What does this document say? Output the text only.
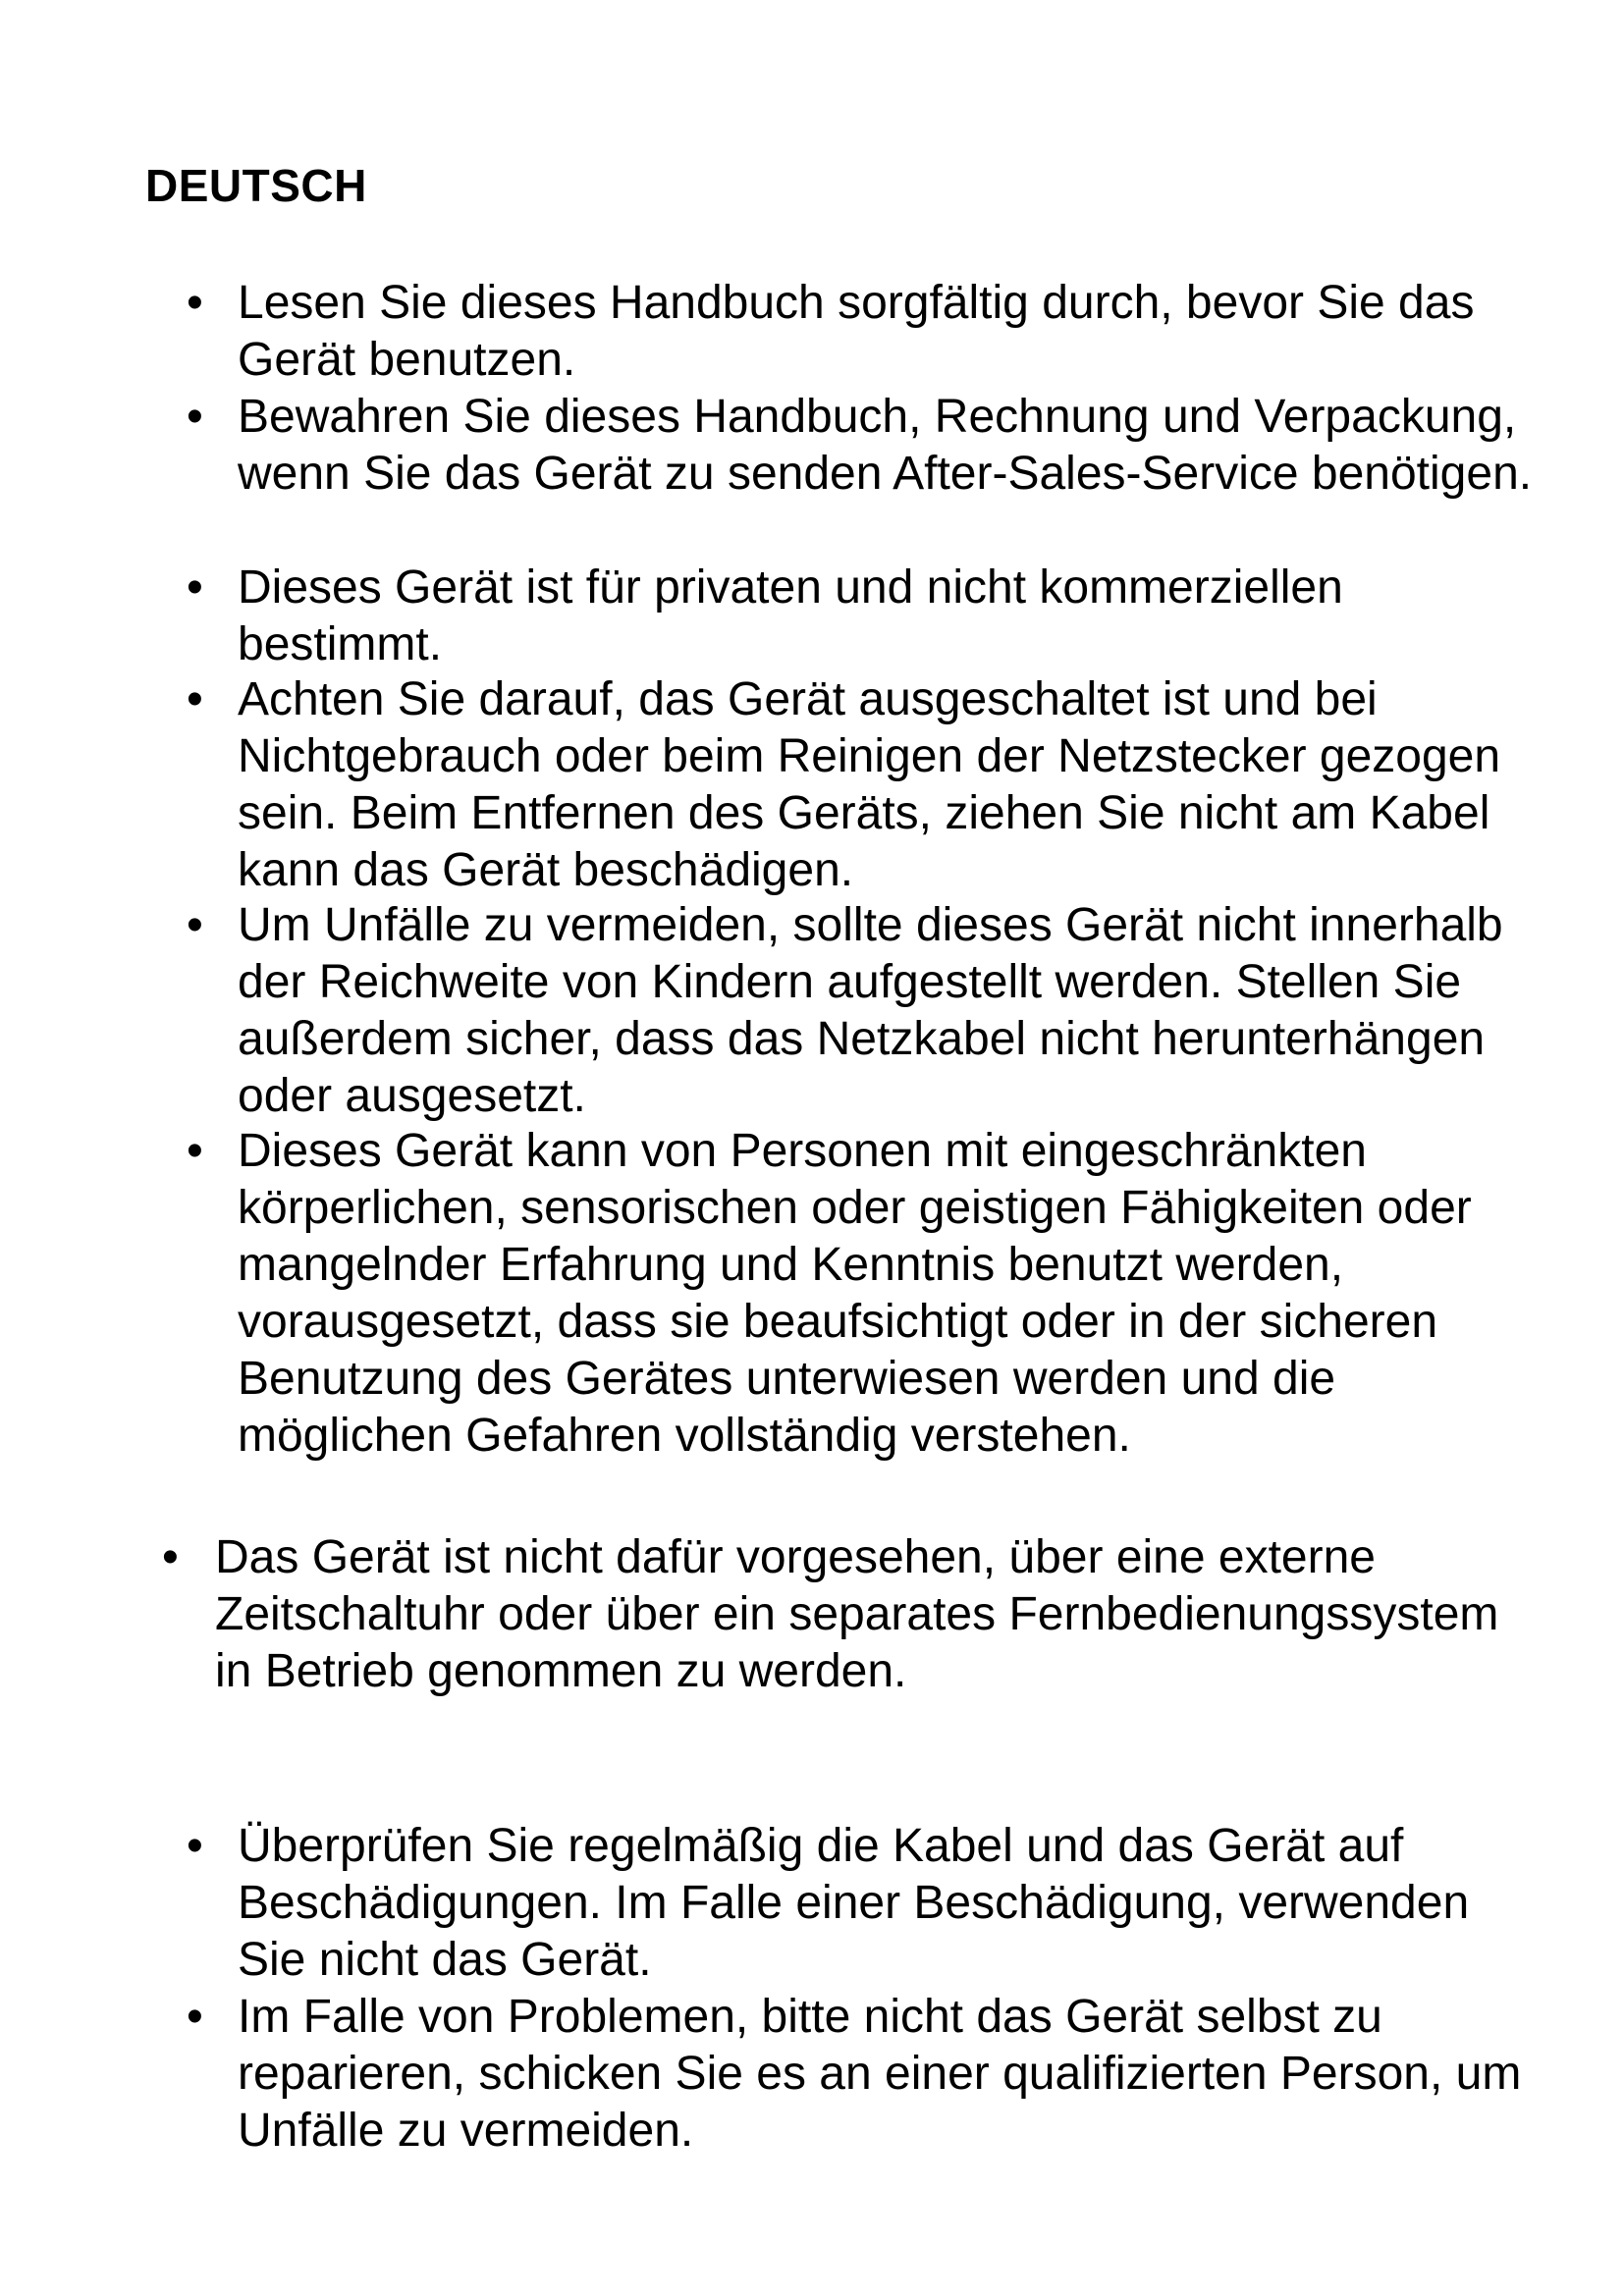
DEUTSCH

• Lesen Sie dieses Handbuch sorgfältig durch, bevor Sie das Gerät benutzen.

• Bewahren Sie dieses Handbuch, Rechnung und Verpackung, wenn Sie das Gerät zu senden After-Sales-Service benötigen.

• Dieses Gerät ist für privaten und nicht kommerziellen bestimmt.

• Achten Sie darauf, das Gerät ausgeschaltet ist und bei Nichtgebrauch oder beim Reinigen der Netzstecker gezogen sein. Beim Entfernen des Geräts, ziehen Sie nicht am Kabel kann das Gerät beschädigen.

• Um Unfälle zu vermeiden, sollte dieses Gerät nicht innerhalb der Reichweite von Kindern aufgestellt werden. Stellen Sie außerdem sicher, dass das Netzkabel nicht herunterhängen oder ausgesetzt.

• Dieses Gerät kann von Personen mit eingeschränkten körperlichen, sensorischen oder geistigen Fähigkeiten oder mangelnder Erfahrung und Kenntnis benutzt werden, vorausgesetzt, dass sie beaufsichtigt oder in der sicheren Benutzung des Gerätes unterwiesen werden und die möglichen Gefahren vollständig verstehen.

• Das Gerät ist nicht dafür vorgesehen, über eine externe Zeitschaltuhr oder über ein separates Fernbedienungssystem in Betrieb genommen zu werden.

• Überprüfen Sie regelmäßig die Kabel und das Gerät auf Beschädigungen. Im Falle einer Beschädigung, verwenden Sie nicht das Gerät.

• Im Falle von Problemen, bitte nicht das Gerät selbst zu reparieren, schicken Sie es an einer qualifizierten Person, um Unfälle zu vermeiden.
